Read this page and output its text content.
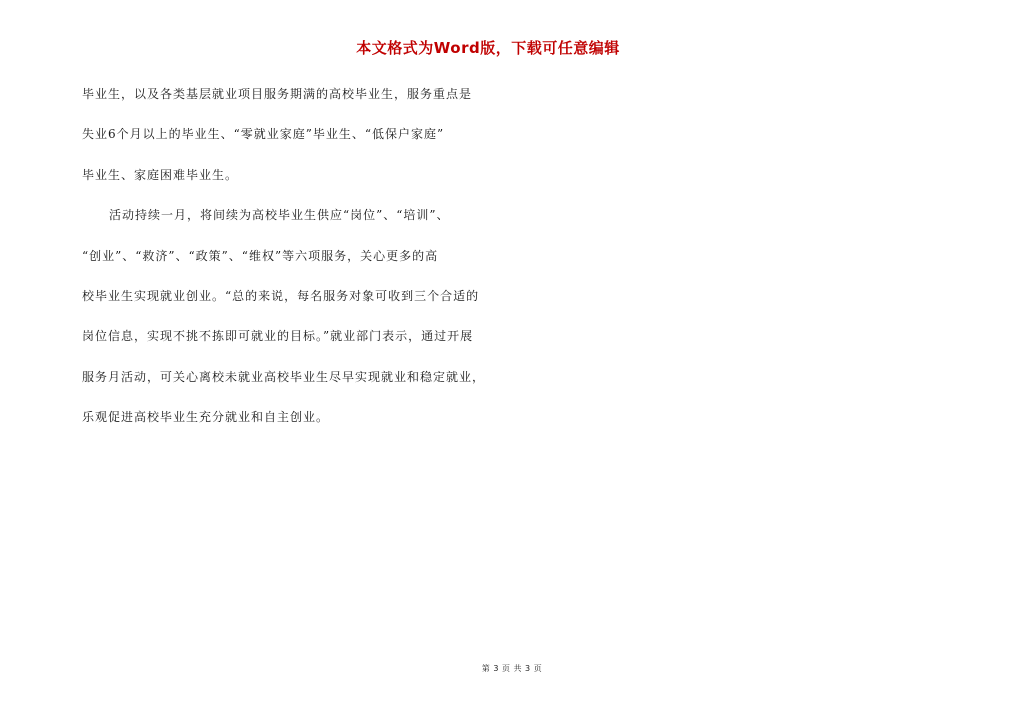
本文格式为Word版，下载可任意编辑
毕业生，以及各类基层就业项目服务期满的高校毕业生，服务重点是
失业6个月以上的毕业生、“零就业家庭”毕业生、“低保户家庭”
毕业生、家庭困难毕业生。
活动持续一月，将间续为高校毕业生供应“岗位”、“培训”、
“创业”、“救济”、“政策”、“维权”等六项服务，关心更多的高
校毕业生实现就业创业。“总的来说，每名服务对象可收到三个合适的
岗位信息，实现不挑不拣即可就业的目标。”就业部门表示，通过开展
服务月活动，可关心离校未就业高校毕业生尽早实现就业和稳定就业，
乐观促进高校毕业生充分就业和自主创业。
第 3 页 共 3 页
